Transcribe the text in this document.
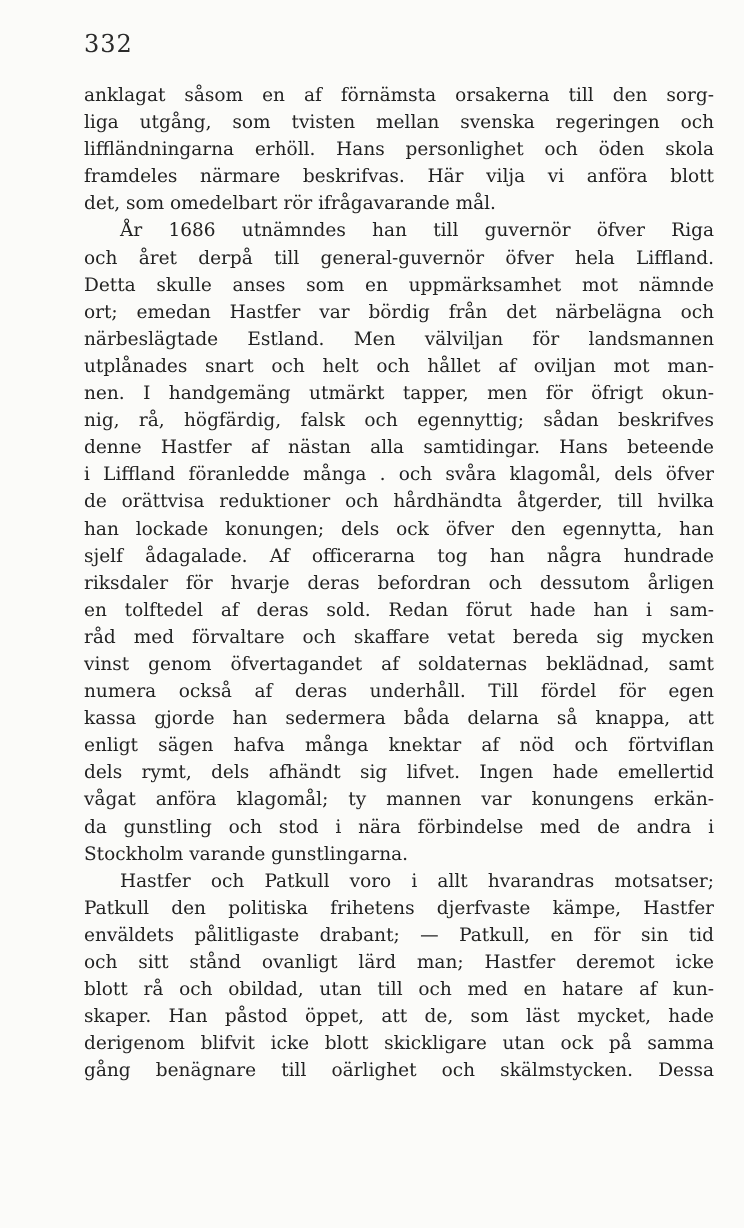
332
anklagat såsom en af förnämsta orsakerna till den sorg-
liga utgång, som tvisten mellan svenska regeringen och
liffländningarna erhöll. Hans personlighet och öden skola
framdeles närmare beskrifvas. Här vilja vi anföra blott
det, som omedelbart rör ifrågavarande mål.
År 1686 utnämndes han till guvernör öfver Riga
och året derpå till general-guvernör öfver hela Liffland.
Detta skulle anses som en uppmärksamhet mot nämnde
ort; emedan Hastfer var bördig från det närbelägna och
närbeslägtade Estland. Men välviljan för landsmannen
utplånades snart och helt och hållet af oviljan mot man-
nen. I handgemäng utmärkt tapper, men för öfrigt okun-
nig, rå, högfärdig, falsk och egennyttig; sådan beskrifves
denne Hastfer af nästan alla samtidingar. Hans beteende
i Liffland föranledde många . och svåra klagomål, dels öfver
de orättvisa reduktioner och hårdhändta åtgerder, till hvilka
han lockade konungen; dels ock öfver den egennytta, han
sjelf ådagalade. Af officerarna tog han några hundrade
riksdaler för hvarje deras befordran och dessutom årligen
en tolftedel af deras sold. Redan förut hade han i sam-
råd med förvaltare och skaffare vetat bereda sig mycken
vinst genom öfvertagandet af soldaternas beklädnad, samt
numera också af deras underhåll. Till fördel för egen
kassa gjorde han sedermera båda delarna så knappa, att
enligt sägen hafva många knektar af nöd och förtviflan
dels rymt, dels afhändt sig lifvet. Ingen hade emellertid
vågat anföra klagomål; ty mannen var konungens erkän-
da gunstling och stod i nära förbindelse med de andra i
Stockholm varande gunstlingarna.
Hastfer och Patkull voro i allt hvarandras motsatser;
Patkull den politiska frihetens djerfvaste kämpe, Hastfer
enväldets pålitligaste drabant; — Patkull, en för sin tid
och sitt stånd ovanligt lärd man; Hastfer deremot icke
blott rå och obildad, utan till och med en hatare af kun-
skaper. Han påstod öppet, att de, som läst mycket, hade
derigenom blifvit icke blott skickligare utan ock på samma
gång benägnare till oärlighet och skälmstycken. Dessa
